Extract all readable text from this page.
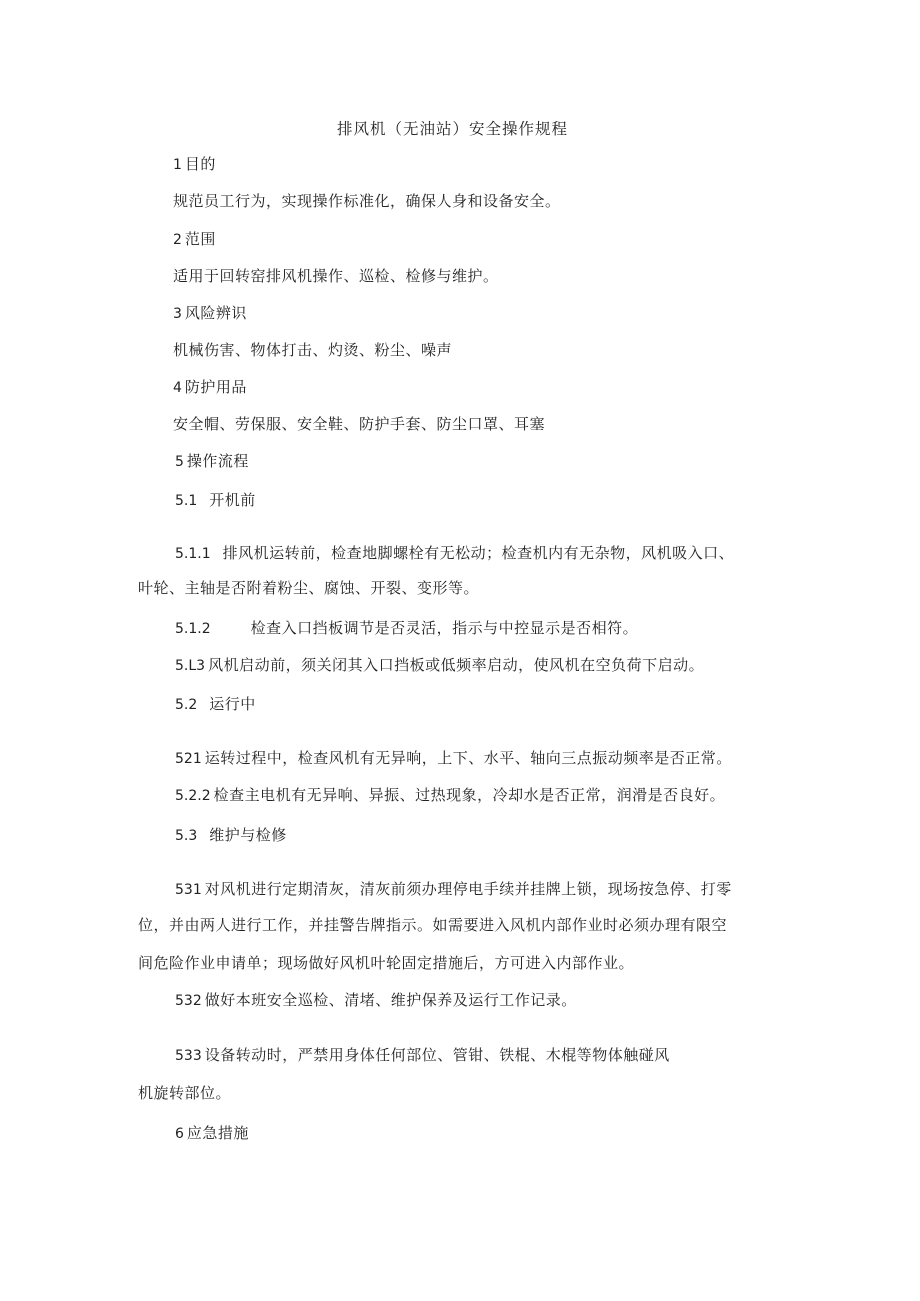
排风机（无油站）安全操作规程
1 目的
规范员工行为，实现操作标准化，确保人身和设备安全。
2 范围
适用于回转窑排风机操作、巡检、检修与维护。
3 风险辨识
机械伤害、物体打击、灼烫、粉尘、噪声
4 防护用品
安全帽、劳保服、安全鞋、防护手套、防尘口罩、耳塞
5 操作流程
5.1 开机前
5.1.1 排风机运转前，检查地脚螺栓有无松动；检查机内有无杂物，风机吸入口、
叶轮、主轴是否附着粉尘、腐蚀、开裂、变形等。
5.1.2	检查入口挡板调节是否灵活，指示与中控显示是否相符。
5.L3 风机启动前，须关闭其入口挡板或低频率启动，使风机在空负荷下启动。
5.2 运行中
521 运转过程中，检查风机有无异响，上下、水平、轴向三点振动频率是否正常。
5.2.2 检查主电机有无异响、异振、过热现象，冷却水是否正常，润滑是否良好。
5.3 维护与检修
531 对风机进行定期清灰，清灰前须办理停电手续并挂牌上锁，现场按急停、打零
位，并由两人进行工作，并挂警告牌指示。如需要进入风机内部作业时必须办理有限空
间危险作业申请单；现场做好风机叶轮固定措施后，方可进入内部作业。
532 做好本班安全巡检、清堵、维护保养及运行工作记录。
533 设备转动时，严禁用身体任何部位、管钳、铁棍、木棍等物体触碰风
机旋转部位。
6 应急措施
